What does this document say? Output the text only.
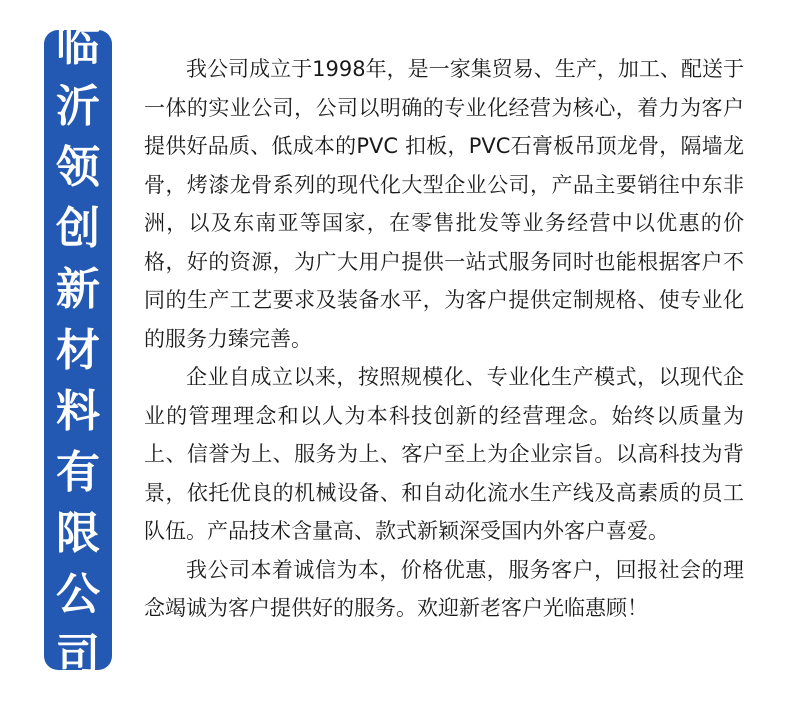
临
沂
领
创
新
材
料
有
限
公
司

我公司成立于1998年，是一家集贸易、生产，加工、配送于一体的实业公司，公司以明确的专业化经营为核心，着力为客户提供好品质、低成本的PVC 扣板，PVC石膏板吊顶龙骨，隔墙龙骨，烤漆龙骨系列的现代化大型企业公司，产品主要销往中东非洲，以及东南亚等国家，在零售批发等业务经营中以优惠的价格，好的资源，为广大用户提供一站式服务同时也能根据客户不同的生产工艺要求及装备水平，为客户提供定制规格、使专业化的服务力臻完善。

企业自成立以来，按照规模化、专业化生产模式，以现代企业的管理理念和以人为本科技创新的经营理念。始终以质量为上、信誉为上、服务为上、客户至上为企业宗旨。以高科技为背景，依托优良的机械设备、和自动化流水生产线及高素质的员工队伍。产品技术含量高、款式新颖深受国内外客户喜爱。

我公司本着诚信为本，价格优惠，服务客户，回报社会的理念竭诚为客户提供好的服务。欢迎新老客户光临惠顾！
